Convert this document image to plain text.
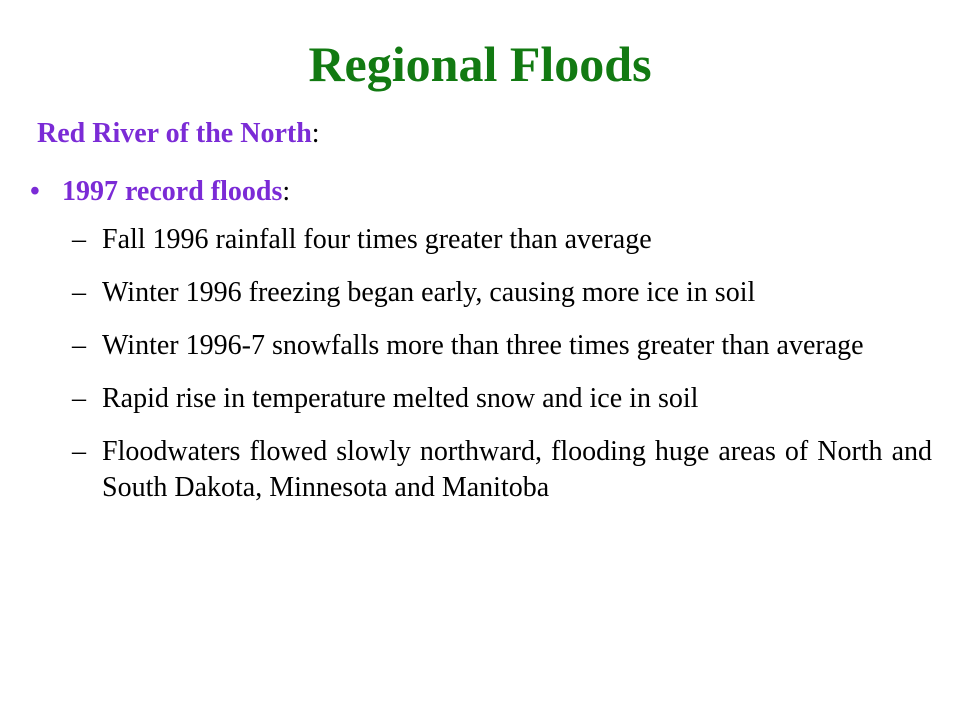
Regional Floods
Red River of the North:
• 1997 record floods:
– Fall 1996 rainfall four times greater than average
– Winter 1996 freezing began early, causing more ice in soil
– Winter 1996-7 snowfalls more than three times greater than average
– Rapid rise in temperature melted snow and ice in soil
– Floodwaters flowed slowly northward, flooding huge areas of North and South Dakota, Minnesota and Manitoba
